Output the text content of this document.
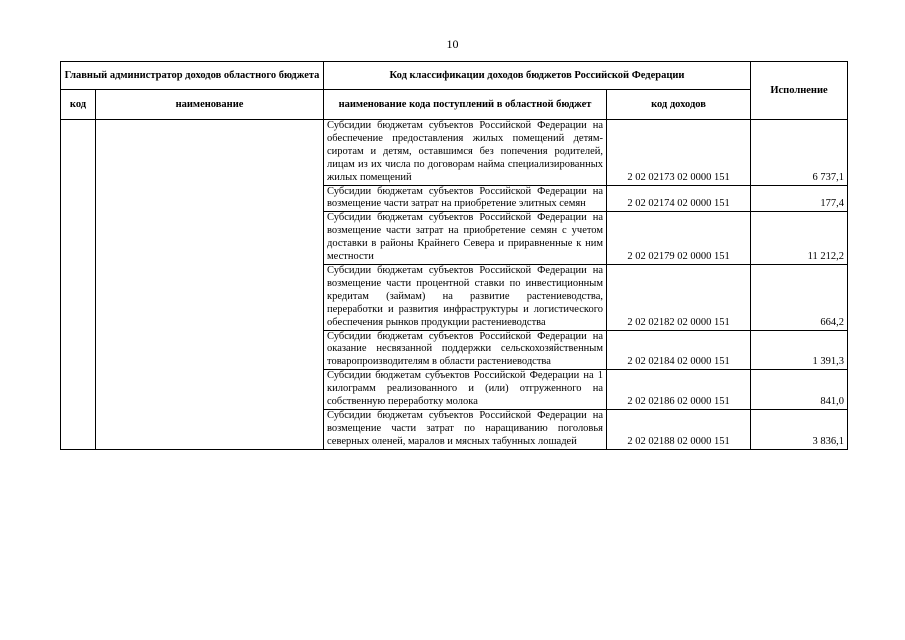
10
Главный администратор доходов областного бюджета		Код классификации доходов бюджетов Российской Федерации		Исполнение
код	наименование	наименование кода поступлений в областной бюджет	код доходов	
		Субсидии бюджетам субъектов Российской Федерации на обеспечение предоставления жилых помещений детям-сиротам и детям, оставшимся без попечения родителей, лицам из их числа по договорам найма специализированных жилых помещений	2 02 02173 02 0000 151	6 737,1
		Субсидии бюджетам субъектов Российской Федерации на возмещение части затрат на приобретение элитных семян	2 02 02174 02 0000 151	177,4
		Субсидии бюджетам субъектов Российской Федерации на возмещение части затрат на приобретение семян с учетом доставки в районы Крайнего Севера и приравненные к ним местности	2 02 02179 02 0000 151	11 212,2
		Субсидии бюджетам субъектов Российской Федерации на возмещение части процентной ставки по инвестиционным кредитам (займам) на развитие растениеводства, переработки и развития инфраструктуры и логистического обеспечения рынков продукции растениеводства	2 02 02182 02 0000 151	664,2
		Субсидии бюджетам субъектов Российской Федерации на оказание несвязанной поддержки сельскохозяйственным товаропроизводителям в области растениеводства	2 02 02184 02 0000 151	1 391,3
		Субсидии бюджетам субъектов Российской Федерации на 1 килограмм реализованного и (или) отгруженного на собственную переработку молока	2 02 02186 02 0000 151	841,0
		Субсидии бюджетам субъектов Российской Федерации на возмещение части затрат по наращиванию поголовья северных оленей, маралов и мясных табунных лошадей	2 02 02188 02 0000 151	3 836,1
